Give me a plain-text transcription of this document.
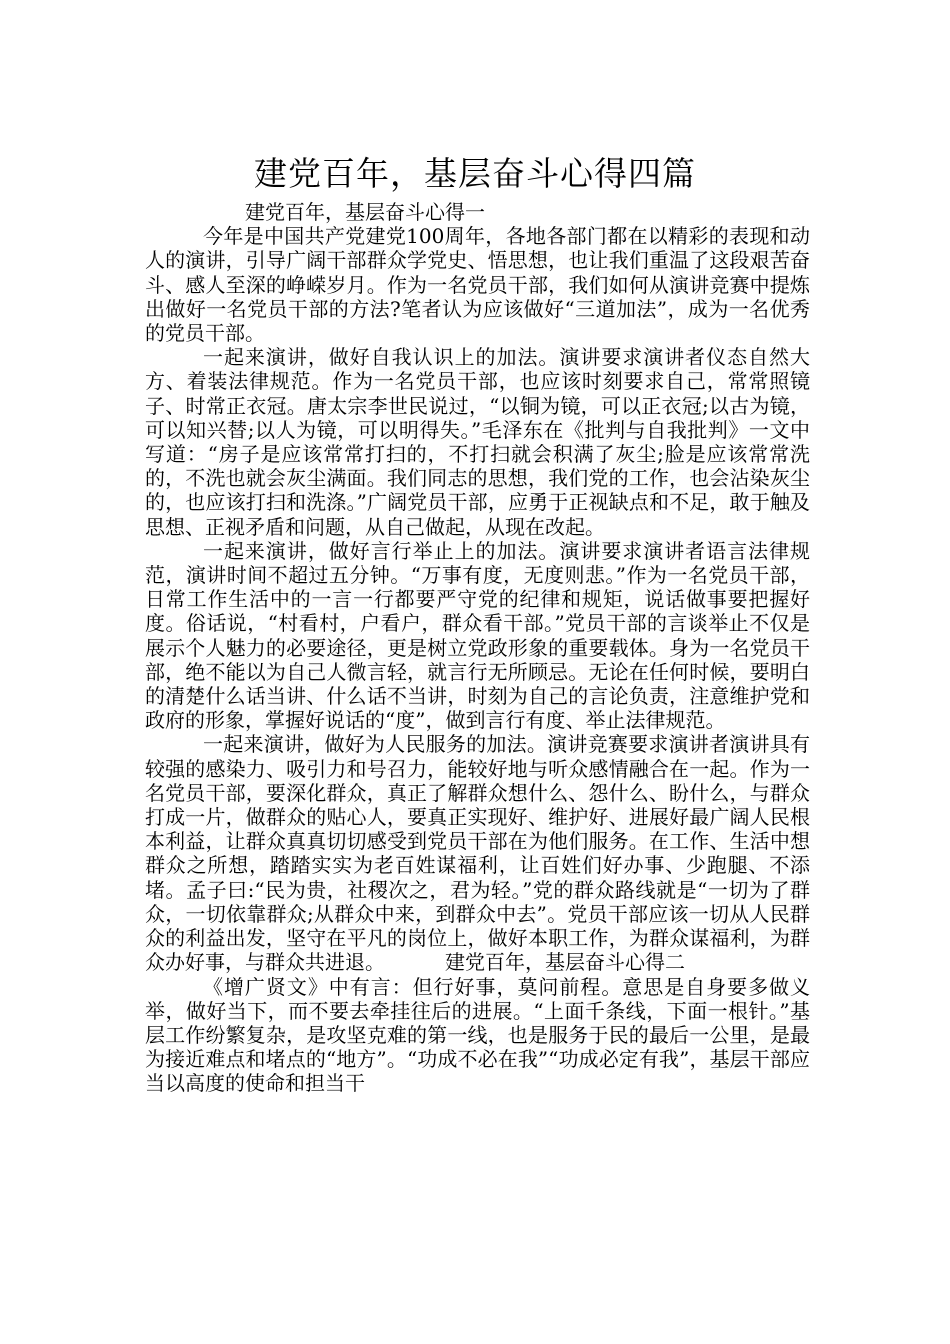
建党百年，基层奋斗心得四篇

建党百年，基层奋斗心得一

今年是中国共产党建党100周年，各地各部门都在以精彩的表现和动人的演讲，引导广阔干部群众学党史、悟思想，也让我们重温了这段艰苦奋斗、感人至深的峥嵘岁月。作为一名党员干部，我们如何从演讲竞赛中提炼出做好一名党员干部的方法?笔者认为应该做好“三道加法”，成为一名优秀的党员干部。

一起来演讲，做好自我认识上的加法。演讲要求演讲者仪态自然大方、着装法律规范。作为一名党员干部，也应该时刻要求自己，常常照镜子、时常正衣冠。唐太宗李世民说过，“以铜为镜，可以正衣冠;以古为镜，可以知兴替;以人为镜，可以明得失。”毛泽东在《批判与自我批判》一文中写道：“房子是应该常常打扫的，不打扫就会积满了灰尘;脸是应该常常洗的，不洗也就会灰尘满面。我们同志的思想，我们党的工作，也会沾染灰尘的，也应该打扫和洗涤。”广阔党员干部，应勇于正视缺点和不足，敢于触及思想、正视矛盾和问题，从自己做起，从现在改起。

一起来演讲，做好言行举止上的加法。演讲要求演讲者语言法律规范，演讲时间不超过五分钟。“万事有度，无度则悲。”作为一名党员干部，日常工作生活中的一言一行都要严守党的纪律和规矩，说话做事要把握好度。俗话说，“村看村，户看户，群众看干部。”党员干部的言谈举止不仅是展示个人魅力的必要途径，更是树立党政形象的重要载体。身为一名党员干部，绝不能以为自己人微言轻，就言行无所顾忌。无论在任何时候，要明白的清楚什么话当讲、什么话不当讲，时刻为自己的言论负责，注意维护党和政府的形象，掌握好说话的“度”，做到言行有度、举止法律规范。

一起来演讲，做好为人民服务的加法。演讲竞赛要求演讲者演讲具有较强的感染力、吸引力和号召力，能较好地与听众感情融合在一起。作为一名党员干部，要深化群众，真正了解群众想什么、怨什么、盼什么，与群众打成一片，做群众的贴心人，要真正实现好、维护好、进展好最广阔人民根本利益，让群众真真切切感受到党员干部在为他们服务。在工作、生活中想群众之所想，踏踏实实为老百姓谋福利，让百姓们好办事、少跑腿、不添堵。孟子曰:“民为贵，社稷次之，君为轻。”党的群众路线就是“一切为了群众，一切依靠群众;从群众中来，到群众中去”。党员干部应该一切从人民群众的利益出发，坚守在平凡的岗位上，做好本职工作，为群众谋福利，为群众办好事，与群众共进退。	建党百年，基层奋斗心得二

《增广贤文》中有言：但行好事，莫问前程。意思是自身要多做义举，做好当下，而不要去牵挂往后的进展。“上面千条线，下面一根针。”基层工作纷繁复杂，是攻坚克难的第一线，也是服务于民的最后一公里，是最为接近难点和堵点的“地方”。“功成不必在我”“功成必定有我”，基层干部应当以高度的使命和担当干
